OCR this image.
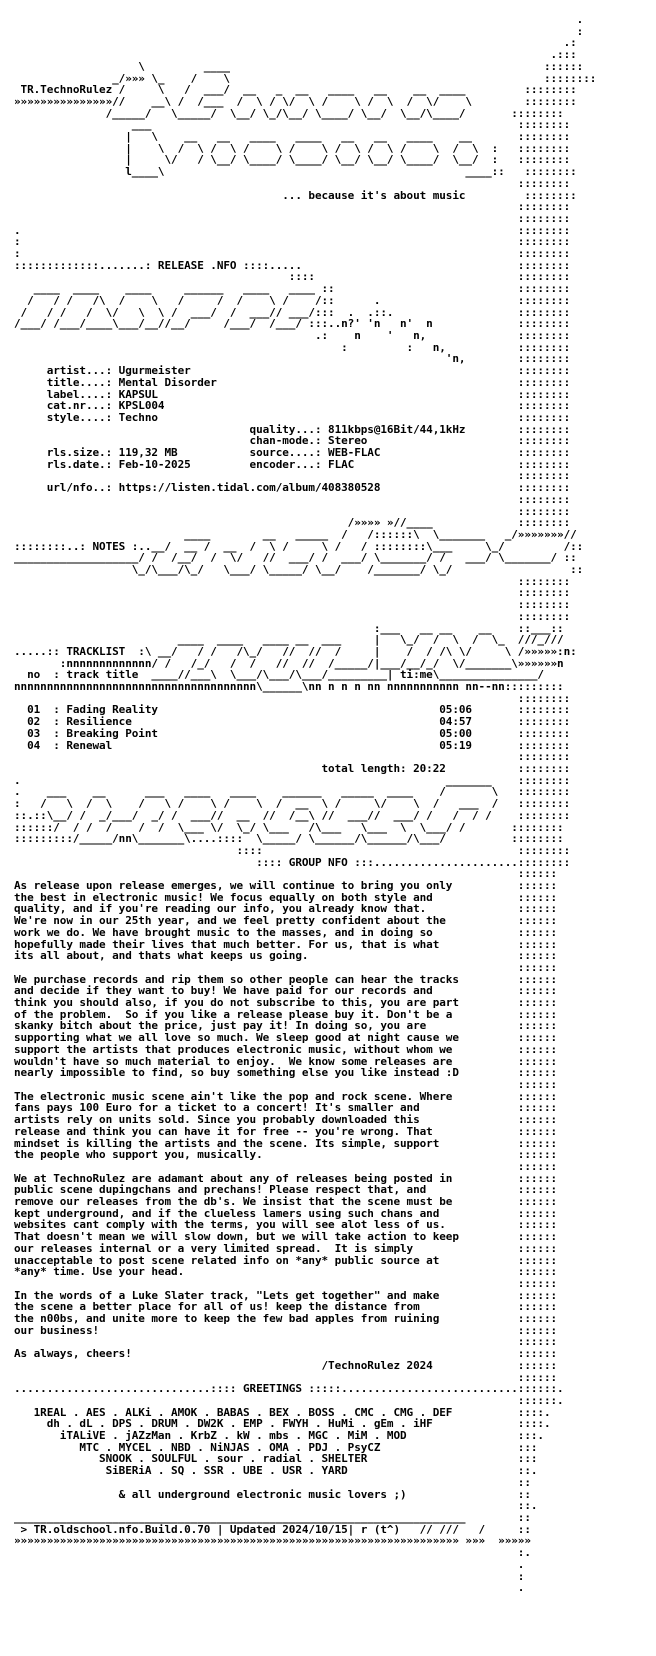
.
:
.:
.:::
\         ____                                                ::::::
_/»»» \_    /    \                                                ::::::::
TR.TechnoRulez /     \   /  ___/  __   _  __   ____   __    __  ____         ::::::::
»»»»»»»»»»»»»»»//    __\ /  /___  /  \ / \/  \ /    \ /  \  /  \/    \        ::::::::
/_____/   \_____/  \__/ \_/\__/ \____/ \__/  \__/\____/       ::::::::
___                                                        ::::::::
|   \    __   __   ____   ____   __   __   ____    __       ::::::::
|    \  /  \ /  \ /    \ /    \ /  \ /  \ /    \  /  \  :   ::::::::
|     \/   / \__/ \____/ \____/ \__/ \__/ \____/  \__/  :   ::::::::
l____\                                              ____::   ::::::::
::::::::
... because it's about music         ::::::::
::::::::
::::::::
.                                                                            ::::::::
:                                                                            ::::::::
:                                                                            ::::::::
:::::::::::::.......: RELEASE .NFO ::::.....                                 ::::::::
::::                               ::::::::
____  ____    ____     ______   ____   ____ ::                            ::::::::
/   / /   /\  /    \   /     /  /    \ /    /::      .                     ::::::::
/   / /   /  \/   \  \ /  ___/  /  ___// ___/:::  .  .::.                   ::::::::
/___/ /___/____\___/__//__/     /___/  /___/ :::..n?' 'n   n'  n             ::::::::
.:    n    '   n,              ::::::::
:         :   n,           ::::::::
'n,        ::::::::
artist...: Ugurmeister                                                  ::::::::
title....: Mental Disorder                                              ::::::::
label....: KAPSUL                                                       ::::::::
cat.nr...: KPSL004                                                      ::::::::
style....: Techno                                                       ::::::::
quality...: 811kbps@16Bit/44,1kHz        ::::::::
chan-mode.: Stereo                       ::::::::
rls.size.: 119,32 MB           source....: WEB-FLAC                     ::::::::
rls.date.: Feb-10-2025         encoder...: FLAC                         ::::::::
::::::::
url/nfo..: https://listen.tidal.com/album/408380528                     ::::::::
::::::::
::::::::
/»»»» »//____             ::::::::
____        __   _____  /   /::::::\  \_______   _/»»»»»»»//
::::::::..: NOTES :..__/  __ /  __  /  \ /     \ /   / ::::::::\___     \_/         /::
___________________/ /  /__/  /  \/   //  ___/ /  ___/ \_______/ /   ___/ \_______/ ::
\_/\___/\_/   \___/ \_____/ \__/    /_______/ \_/                  ::
::::::::
::::::::
::::::::
::::::::
:___   __ __    __    ::___::
____  ____   ____ __  ___     |   \_/  /  \  /  \_  ///_///
.....:: TRACKLIST  :\ __/   / /   /\_/   //  //  /     |    /  / /\ \/     \ /»»»»»:n:
:nnnnnnnnnnnnn/ /   /_/   /  /   //  //  /_____/|___/__/_/  \/_______\»»»»»»n
no  : track title  ____//___\  \___/\___/\___/_________| ti:me\_______________/
nnnnnnnnnnnnnnnnnnnnnnnnnnnnnnnnnnnnn\______\nn n n n nn nnnnnnnnnnn nn--nn:::::::::
::::::::
01  : Fading Reality                                           05:06       ::::::::
02  : Resilience                                               04:57       ::::::::
03  : Breaking Point                                           05:00       ::::::::
04  : Renewal                                                  05:19       ::::::::
::::::::
total length: 20:22           ::::::::
.                                                                 _______    ::::::::
.    ___    __      ___   ____   ____    ______   _____  ____    /       \   ::::::::
:   /   \  /  \    /   \ /    \ /    \  /  __  \ /     \/    \  /   ___  /   ::::::::
::.::\__/ /  _/___/  _/ /  ___//  __  //  /__\ //  ___//  ___/ /   /  / /    ::::::::
::::::/  / /  /    /  /  \___ \/  \_/ \___   /\___   \___  \  \___/ /       ::::::::
:::::::::/_____/nn\_______\....::::  \_____/ \______/\______/\___/          ::::::::
::::                                       ::::::::
:::: GROUP NFO :::......................::::::::
::::::
As release upon release emerges, we will continue to bring you only          ::::::
the best in electronic music! We focus equally on both style and             ::::::
quality, and if you're reading our info, you already know that.              ::::::
We're now in our 25th year, and we feel pretty confident about the           ::::::
work we do. We have brought music to the masses, and in doing so             ::::::
hopefully made their lives that much better. For us, that is what            ::::::
its all about, and thats what keeps us going.                                ::::::
::::::
We purchase records and rip them so other people can hear the tracks         ::::::
and decide if they want to buy! We have paid for our records and             ::::::
think you should also, if you do not subscribe to this, you are part         ::::::
of the problem.  So if you like a release please buy it. Don't be a          ::::::
skanky bitch about the price, just pay it! In doing so, you are              ::::::
supporting what we all love so much. We sleep good at night cause we         ::::::
support the artists that produces electronic music, without whom we          ::::::
wouldn't have so much material to enjoy.  We know some releases are          ::::::
nearly impossible to find, so buy something else you like instead :D         ::::::
::::::
The electronic music scene ain't like the pop and rock scene. Where          ::::::
fans pays 100 Euro for a ticket to a concert! It's smaller and               ::::::
artists rely on units sold. Since you probably downloaded this               ::::::
release and think you can have it for free -- you're wrong. That             ::::::
mindset is killing the artists and the scene. Its simple, support            ::::::
the people who support you, musically.                                       ::::::
::::::
We at TechnoRulez are adamant about any of releases being posted in          ::::::
public scene dupingchans and prechans! Please respect that, and              ::::::
remove our releases from the db's. We insist that the scene must be          ::::::
kept underground, and if the clueless lamers using such chans and            ::::::
websites cant comply with the terms, you will see alot less of us.           ::::::
That doesn't mean we will slow down, but we will take action to keep         ::::::
our releases internal or a very limited spread.  It is simply                ::::::
unacceptable to post scene related info on *any* public source at            ::::::
*any* time. Use your head.                                                   ::::::
::::::
In the words of a Luke Slater track, "Lets get together" and make            ::::::
the scene a better place for all of us! keep the distance from               ::::::
the n00bs, and unite more to keep the few bad apples from ruining            ::::::
our business!                                                                ::::::
::::::
As always, cheers!                                                           ::::::
/TechnoRulez 2024             ::::::
::::::
..............................:::: GREETINGS :::::...........................::::::.
::::::.
1REAL . AES . ALKi . AMOK . BABAS . BEX . BOSS . CMC . CMG . DEF          ::::.
dh . dL . DPS . DRUM . DW2K . EMP . FWYH . HuMi . gEm . iHF             ::::.
iTALiVE . jAZzMan . KrbZ . kW . mbs . MGC . MiM . MOD                 :::.
MTC . MYCEL . NBD . NiNJAS . OMA . PDJ . PsyCZ                     :::
SNOOK . SOULFUL . sour . radial . SHELTER                       :::
SiBERiA . SQ . SSR . UBE . USR . YARD                          ::.
::
& all underground electronic music lovers ;)                 ::
::.
_____________________________________________________________________        ::
> TR.oldschool.nfo.Build.0.70 | Updated 2024/10/15| r (t^)   // ///   /     ::
»»»»»»»»»»»»»»»»»»»»»»»»»»»»»»»»»»»»»»»»»»»»»»»»»»»»»»»»»»»»»»»»»»»» »»»  »»»»»
:.
.
:
.
